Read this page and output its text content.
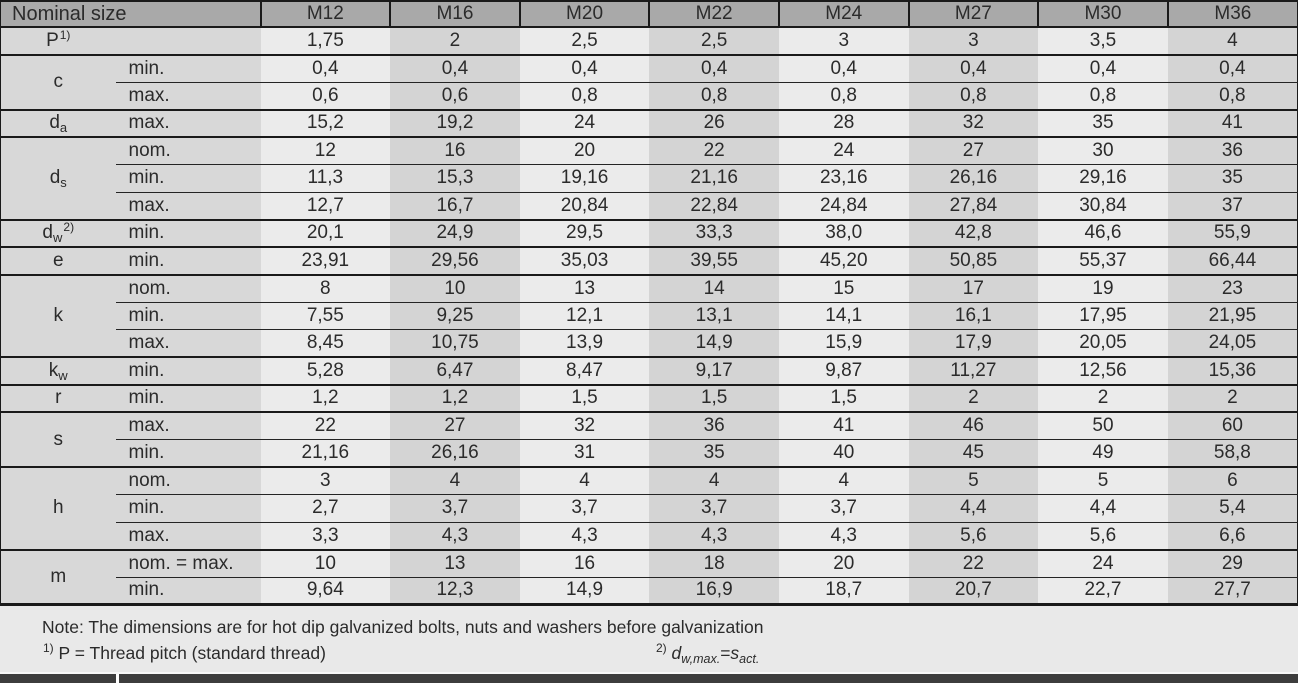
Nominal size		M12	M16	M20	M22	M24	M27	M30	M36
P$^{1)}$		1,75	2	2,5	2,5	3	3	3,5	4
c	min.	0,4	0,4	0,4	0,4	0,4	0,4	0,4	0,4
	max.	0,6	0,6	0,8	0,8	0,8	0,8	0,8	0,8
$d_a$	max.	15,2	19,2	24	26	28	32	35	41
$d_s$	nom.	12	16	20	22	24	27	30	36
	min.	11,3	15,3	19,16	21,16	23,16	26,16	29,16	35
	max.	12,7	16,7	20,84	22,84	24,84	27,84	30,84	37
$d_w^{2)}$	min.	20,1	24,9	29,5	33,3	38,0	42,8	46,6	55,9
e	min.	23,91	29,56	35,03	39,55	45,20	50,85	55,37	66,44
k	nom.	8	10	13	14	15	17	19	23
	min.	7,55	9,25	12,1	13,1	14,1	16,1	17,95	21,95
	max.	8,45	10,75	13,9	14,9	15,9	17,9	20,05	24,05
$k_w$	min.	5,28	6,47	8,47	9,17	9,87	11,27	12,56	15,36
r	min.	1,2	1,2	1,5	1,5	1,5	2	2	2
s	max.	22	27	32	36	41	46	50	60
	min.	21,16	26,16	31	35	40	45	49	58,8
h	nom.	3	4	4	4	4	5	5	6
	min.	2,7	3,7	3,7	3,7	3,7	4,4	4,4	5,4
	max.	3,3	4,3	4,3	4,3	4,3	5,6	5,6	6,6
m	nom. = max.	10	13	16	18	20	22	24	29
	min.	9,64	12,3	14,9	16,9	18,7	20,7	22,7	27,7
Note: The dimensions are for hot dip galvanized bolts, nuts and washers before galvanization
$^{1)}$ P = Thread pitch (standard thread)	$^{2)}$ $d_{w,max.}=s_{act.}$
